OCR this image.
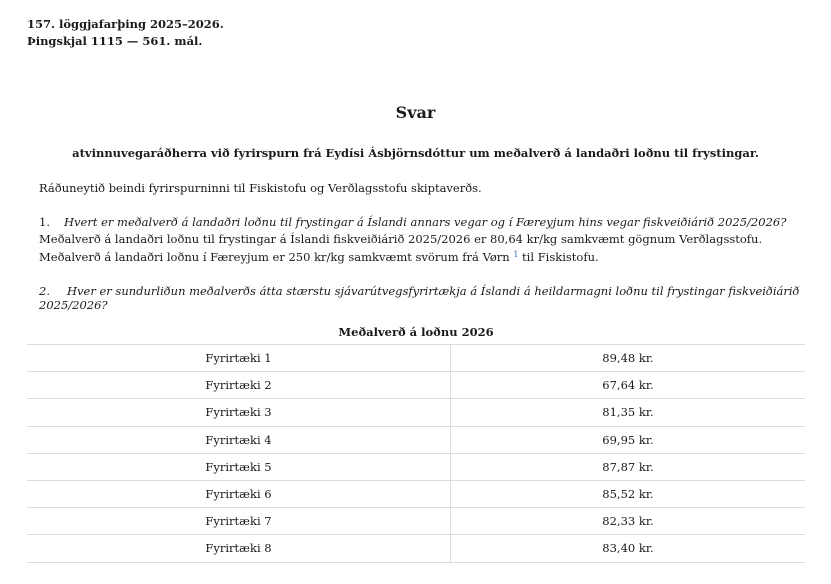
157. löggjafarþing 2025–2026.
Þingskjal 1115 — 561. mál.
Svar
atvinnuvegaráðherra við fyrirspurn frá Eydísi Ásbjörnsdóttur um meðalverð á landaðri loðnu til frystingar.
Ráðuneytið beindi fyrirspurninni til Fiskistofu og Verðlagsstofu skiptaverðs.
1. Hvert er meðalverð á landaðri loðnu til frystingar á Íslandi annars vegar og í Færeyjum hins vegar fiskveiðiárið 2025/2026?
Meðalverð á landaðri loðnu til frystingar á Íslandi fiskveiðiárið 2025/2026 er 80,64 kr/kg samkvæmt gögnum Verðlagsstofu.
Meðalverð á landaðri loðnu í Færeyjum er 250 kr/kg samkvæmt svörum frá Vørn $^1$ til Fiskistofu.
2. Hver er sundurliðun meðalverðs átta stærstu sjávarútvegsfyrirtækja á Íslandi á heildarmagni loðnu til frystingar fiskveiðiárið 2025/2026?
Meðalverð á loðnu 2026
Fyrirtæki 1	89,48 kr.
Fyrirtæki 2	67,64 kr.
Fyrirtæki 3	81,35 kr.
Fyrirtæki 4	69,95 kr.
Fyrirtæki 5	87,87 kr.
Fyrirtæki 6	85,52 kr.
Fyrirtæki 7	82,33 kr.
Fyrirtæki 8	83,40 kr.
